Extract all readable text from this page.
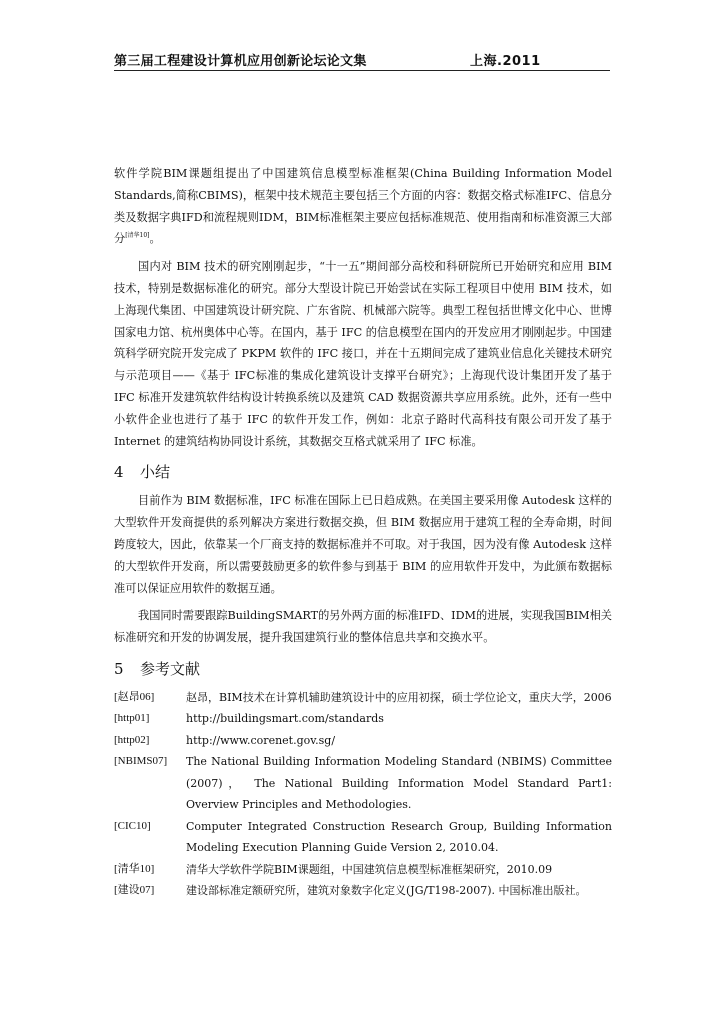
第三届工程建设计算机应用创新论坛论文集	上海.2011

软件学院BIM课题组提出了中国建筑信息模型标准框架(China Building Information Model Standards,简称CBIMS)，框架中技术规范主要包括三个方面的内容：数据交格式标准IFC、信息分类及数据字典IFD和流程规则IDM，BIM标准框架主要应包括标准规范、使用指南和标准资源三大部分[清华10]。

国内对 BIM 技术的研究刚刚起步，“十一五”期间部分高校和科研院所已开始研究和应用 BIM 技术，特别是数据标准化的研究。部分大型设计院已开始尝试在实际工程项目中使用 BIM 技术，如上海现代集团、中国建筑设计研究院、广东省院、机械部六院等。典型工程包括世博文化中心、世博国家电力馆、杭州奥体中心等。在国内，基于 IFC 的信息模型在国内的开发应用才刚刚起步。中国建筑科学研究院开发完成了 PKPM 软件的 IFC 接口，并在十五期间完成了建筑业信息化关键技术研究与示范项目——《基于 IFC标准的集成化建筑设计支撑平台研究》；上海现代设计集团开发了基于 IFC 标准开发建筑软件结构设计转换系统以及建筑 CAD 数据资源共享应用系统。此外，还有一些中小软件企业也进行了基于 IFC 的软件开发工作，例如：北京子路时代高科技有限公司开发了基于 Internet 的建筑结构协同设计系统，其数据交互格式就采用了 IFC 标准。

4 小结

目前作为 BIM 数据标准，IFC 标准在国际上已日趋成熟。在美国主要采用像 Autodesk 这样的大型软件开发商提供的系列解决方案进行数据交换，但 BIM 数据应用于建筑工程的全寿命期，时间跨度较大，因此，依靠某一个厂商支持的数据标准并不可取。对于我国，因为没有像 Autodesk 这样的大型软件开发商，所以需要鼓励更多的软件参与到基于 BIM 的应用软件开发中，为此颁布数据标准可以保证应用软件的数据互通。

我国同时需要跟踪BuildingSMART的另外两方面的标准IFD、IDM的进展，实现我国BIM相关标准研究和开发的协调发展，提升我国建筑行业的整体信息共享和交换水平。

5 参考文献
[赵昂06]	赵昂，BIM技术在计算机辅助建筑设计中的应用初探，硕士学位论文，重庆大学，2006
[http01]	http://buildingsmart.com/standards
[http02]	http://www.corenet.gov.sg/
[NBIMS07]	The National Building Information Modeling Standard (NBIMS) Committee (2007)， The National Building Information Model Standard Part1: Overview Principles and Methodologies.
[CIC10]	Computer Integrated Construction Research Group, Building Information Modeling Execution Planning Guide Version 2, 2010.04.
[清华10]	清华大学软件学院BIM课题组，中国建筑信息模型标准框架研究，2010.09
[建设07]	建设部标准定额研究所，建筑对象数字化定义(JG/T198-2007). 中国标准出版社。
